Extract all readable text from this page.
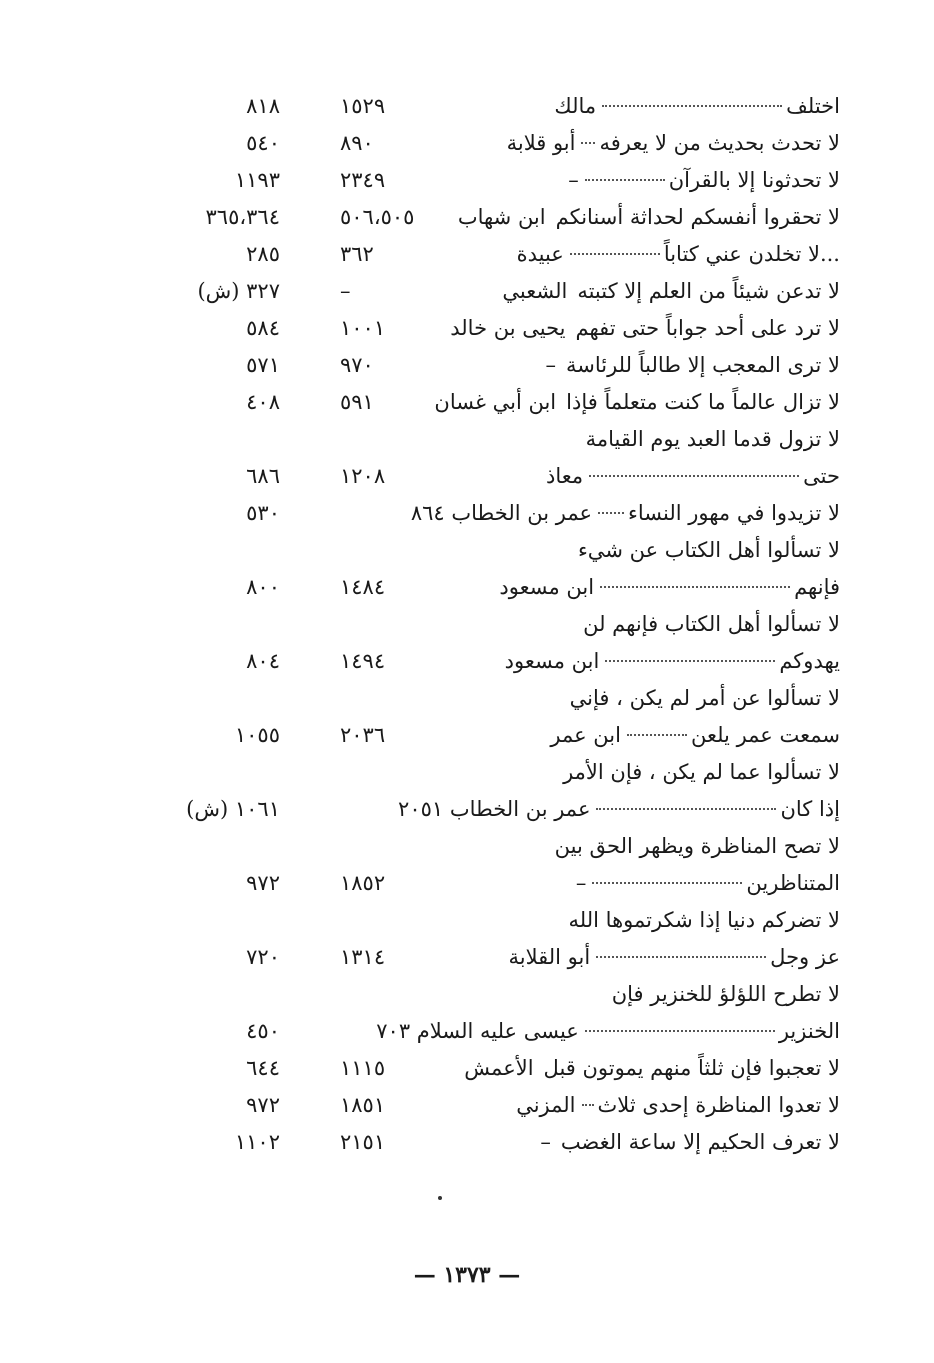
اختلف
مالك
١٥٢٩
٨١٨
لا تحدث بحديث من لا يعرفه
أبو قلابة
٨٩٠
٥٤٠
لا تحدثونا إلا بالقرآن
–
٢٣٤٩
١١٩٣
لا تحقروا أنفسكم لحداثة أسنانكم
ابن شهاب
٥٠٦،٥٠٥
٣٦٥،٣٦٤
...لا تخلدن عني كتاباً
عبيدة
٣٦٢
٢٨٥
لا تدعن شيئاً من العلم إلا كتبته
الشعبي
–
٣٢٧ (ش)
لا ترد على أحد جواباً حتى تفهم
يحيى بن خالد
١٠٠١
٥٨٤
لا ترى المعجب إلا طالباً للرئاسة
–
٩٧٠
٥٧١
لا تزال عالماً ما كنت متعلماً فإذا
ابن أبي غسان
٥٩١
٤٠٨
لا تزول قدما العبد يوم القيامة
حتى
معاذ
١٢٠٨
٦٨٦
لا تزيدوا في مهور النساء
عمر بن الخطاب ٨٦٤
٥٣٠
لا تسألوا أهل الكتاب عن شيء
فإنهم
ابن مسعود
١٤٨٤
٨٠٠
لا تسألوا أهل الكتاب فإنهم لن
يهدوكم
ابن مسعود
١٤٩٤
٨٠٤
لا تسألوا عن أمر لم يكن ، فإني
سمعت عمر يلعن
ابن عمر
٢٠٣٦
١٠٥٥
لا تسألوا عما لم يكن ، فإن الأمر
إذا كان
عمر بن الخطاب ٢٠٥١
١٠٦١ (ش)
لا تصح المناظرة ويظهر الحق بين
المتناظرين
–
١٨٥٢
٩٧٢
لا تضركم دنيا إذا شكرتموها الله
عز وجل
أبو القلابة
١٣١٤
٧٢٠
لا تطرح اللؤلؤ للخنزير فإن
الخنزير
عيسى عليه السلام ٧٠٣
٤٥٠
لا تعجبوا فإن ثلثاً منهم يموتون قبل
الأعمش
١١١٥
٦٤٤
لا تعدوا المناظرة إحدى ثلاث
المزني
١٨٥١
٩٧٢
لا تعرف الحكيم إلا ساعة الغضب
–
٢١٥١
١١٠٢
— ١٣٧٣ —
